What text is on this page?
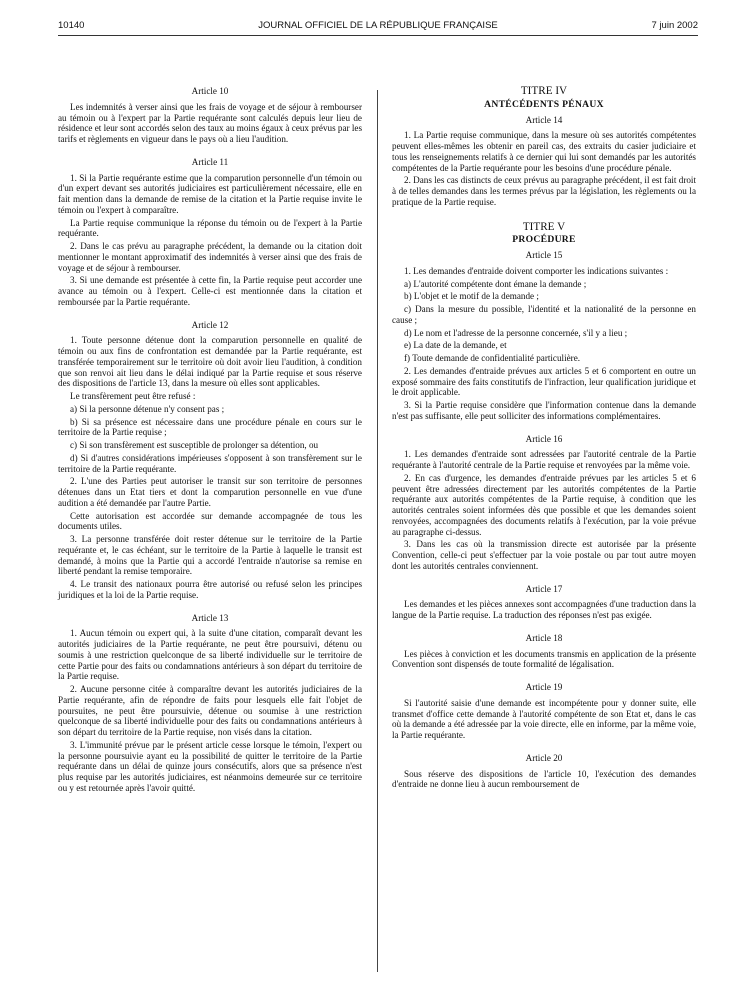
10140	JOURNAL OFFICIEL DE LA RÉPUBLIQUE FRANÇAISE	7 juin 2002
Article 10

Les indemnités à verser ainsi que les frais de voyage et de séjour à rembourser au témoin ou à l'expert par la Partie requérante sont calculés depuis leur lieu de résidence et leur sont accordés selon des taux au moins égaux à ceux prévus par les tarifs et règlements en vigueur dans le pays où a lieu l'audition.

Article 11

1. Si la Partie requérante estime que la comparution personnelle d'un témoin ou d'un expert devant ses autorités judiciaires est particulièrement nécessaire, elle en fait mention dans la demande de remise de la citation et la Partie requise invite le témoin ou l'expert à comparaître.

La Partie requise communique la réponse du témoin ou de l'expert à la Partie requérante.

2. Dans le cas prévu au paragraphe précédent, la demande ou la citation doit mentionner le montant approximatif des indemnités à verser ainsi que des frais de voyage et de séjour à rembourser.

3. Si une demande est présentée à cette fin, la Partie requise peut accorder une avance au témoin ou à l'expert. Celle-ci est mentionnée dans la citation et remboursée par la Partie requérante.

Article 12

1. Toute personne détenue dont la comparution personnelle en qualité de témoin ou aux fins de confrontation est demandée par la Partie requérante, est transférée temporairement sur le territoire où doit avoir lieu l'audition, à condition que son renvoi ait lieu dans le délai indiqué par la Partie requise et sous réserve des dispositions de l'article 13, dans la mesure où elles sont applicables.

Le transfèrement peut être refusé :

a) Si la personne détenue n'y consent pas ;

b) Si sa présence est nécessaire dans une procédure pénale en cours sur le territoire de la Partie requise ;

c) Si son transfèrement est susceptible de prolonger sa détention, ou

d) Si d'autres considérations impérieuses s'opposent à son transfèrement sur le territoire de la Partie requérante.

2. L'une des Parties peut autoriser le transit sur son territoire de personnes détenues dans un Etat tiers et dont la comparution personnelle en vue d'une audition a été demandée par l'autre Partie.

Cette autorisation est accordée sur demande accompagnée de tous les documents utiles.

3. La personne transférée doit rester détenue sur le territoire de la Partie requérante et, le cas échéant, sur le territoire de la Partie à laquelle le transit est demandé, à moins que la Partie qui a accordé l'entraide n'autorise sa remise en liberté pendant la remise temporaire.

4. Le transit des nationaux pourra être autorisé ou refusé selon les principes juridiques et la loi de la Partie requise.

Article 13

1. Aucun témoin ou expert qui, à la suite d'une citation, comparaît devant les autorités judiciaires de la Partie requérante, ne peut être poursuivi, détenu ou soumis à une restriction quelconque de sa liberté individuelle sur le territoire de cette Partie pour des faits ou condamnations antérieurs à son départ du territoire de la Partie requise.

2. Aucune personne citée à comparaître devant les autorités judiciaires de la Partie requérante, afin de répondre de faits pour lesquels elle fait l'objet de poursuites, ne peut être poursuivie, détenue ou soumise à une restriction quelconque de sa liberté individuelle pour des faits ou condamnations antérieurs à son départ du territoire de la Partie requise, non visés dans la citation.

3. L'immunité prévue par le présent article cesse lorsque le témoin, l'expert ou la personne poursuivie ayant eu la possibilité de quitter le territoire de la Partie requérante dans un délai de quinze jours consécutifs, alors que sa présence n'est plus requise par les autorités judiciaires, est néanmoins demeurée sur ce territoire ou y est retournée après l'avoir quitté.

TITRE IV
ANTÉCÉDENTS PÉNAUX
Article 14

1. La Partie requise communique, dans la mesure où ses autorités compétentes peuvent elles-mêmes les obtenir en pareil cas, des extraits du casier judiciaire et tous les renseignements relatifs à ce dernier qui lui sont demandés par les autorités compétentes de la Partie requérante pour les besoins d'une procédure pénale.

2. Dans les cas distincts de ceux prévus au paragraphe précédent, il est fait droit à de telles demandes dans les termes prévus par la législation, les règlements ou la pratique de la Partie requise.

TITRE V
PROCÉDURE
Article 15

1. Les demandes d'entraide doivent comporter les indications suivantes :

a) L'autorité compétente dont émane la demande ;

b) L'objet et le motif de la demande ;

c) Dans la mesure du possible, l'identité et la nationalité de la personne en cause ;

d) Le nom et l'adresse de la personne concernée, s'il y a lieu ;

e) La date de la demande, et

f) Toute demande de confidentialité particulière.

2. Les demandes d'entraide prévues aux articles 5 et 6 comportent en outre un exposé sommaire des faits constitutifs de l'infraction, leur qualification juridique et le droit applicable.

3. Si la Partie requise considère que l'information contenue dans la demande n'est pas suffisante, elle peut solliciter des informations complémentaires.

Article 16

1. Les demandes d'entraide sont adressées par l'autorité centrale de la Partie requérante à l'autorité centrale de la Partie requise et renvoyées par la même voie.

2. En cas d'urgence, les demandes d'entraide prévues par les articles 5 et 6 peuvent être adressées directement par les autorités compétentes de la Partie requérante aux autorités compétentes de la Partie requise, à condition que les autorités centrales soient informées dès que possible et que les demandes soient renvoyées, accompagnées des documents relatifs à l'exécution, par la voie prévue au paragraphe ci-dessus.

3. Dans les cas où la transmission directe est autorisée par la présente Convention, celle-ci peut s'effectuer par la voie postale ou par tout autre moyen dont les autorités centrales conviennent.

Article 17

Les demandes et les pièces annexes sont accompagnées d'une traduction dans la langue de la Partie requise. La traduction des réponses n'est pas exigée.

Article 18

Les pièces à conviction et les documents transmis en application de la présente Convention sont dispensés de toute formalité de légalisation.

Article 19

Si l'autorité saisie d'une demande est incompétente pour y donner suite, elle transmet d'office cette demande à l'autorité compétente de son Etat et, dans le cas où la demande a été adressée par la voie directe, elle en informe, par la même voie, la Partie requérante.

Article 20

Sous réserve des dispositions de l'article 10, l'exécution des demandes d'entraide ne donne lieu à aucun remboursement de
